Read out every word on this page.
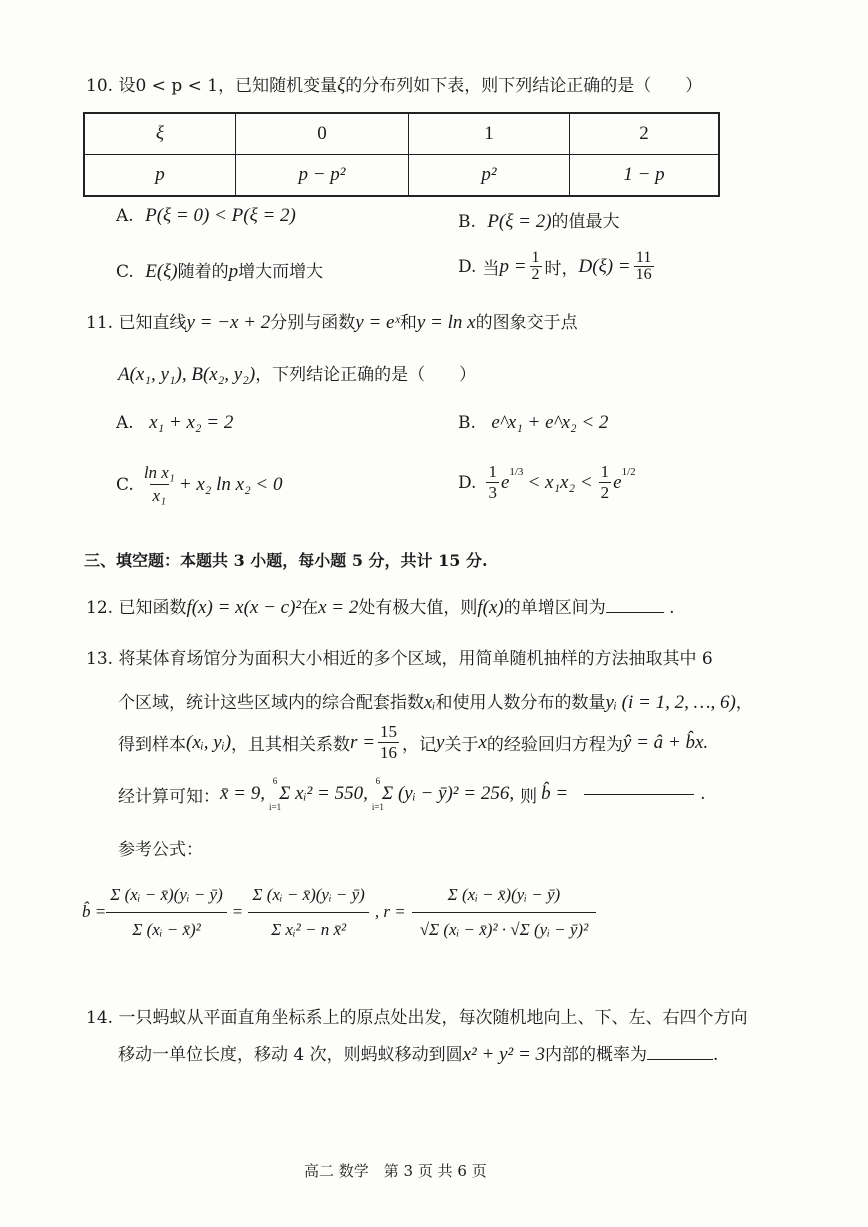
10. 设0 < p < 1，已知随机变量ξ的分布列如下表，则下列结论正确的是（　　）
ξ	0	1	2
p	p − p²	p²	1 − p
A. P(ξ = 0) < P(ξ = 2)	B. P(ξ = 2)的值最大
C. E(ξ)随着的p增大而增大	D. 当 $p = \frac{1}{2}$ 时， $D(\xi) = \frac{11}{16}$
11. 已知直线y = −x + 2分别与函数y = eˣ和y = ln x的图象交于点
A(x₁, y₁), B(x₂, y₂)，下列结论正确的是（　　）
A. x₁ + x₂ = 2	B. e^x₁ + e^x₂ < 2
C. $\frac{\text{ln x₁}}{\text{x₁}} + x_2$ ln x₂ < 0	D. $\frac{1}{3} e^{1/3} < x_1x_2 < \frac{1}{2} e^{1/2}$
三、填空题：本题共 3 小题，每小题 5 分，共计 15 分.
12. 已知函数f(x) = x(x − c)²在x = 2处有极大值，则f(x)的单增区间为	.
13. 将某体育场馆分为面积大小相近的多个区域，用简单随机抽样的方法抽取其中 6
个区域，统计这些区域内的综合配套指数xᵢ和使用人数分布的数量yᵢ (i = 1, 2, …, 6)，
得到样本 (xᵢ, yᵢ) ，且其相关系数 $r = \frac{15}{16}$ ，记 y 关于 x 的经验回归方程为 ŷ = â + b̂x.
经计算可知： x̄ = 9,
6
i=1
Σ xᵢ² = 550,
6
i=1
Σ (yᵢ − ȳ)² = 256, 则 b̂ =	.
参考公式：
b̂ = $\frac{\text{Σ (xᵢ − x̄)(yᵢ − ȳ)}}{\text{Σ (xᵢ − x̄)²}} = \frac{\text{Σ (xᵢ − x̄)(yᵢ − ȳ)}}{\text{Σ xᵢ² − n x̄²}}$ , $r = \frac{\text{Σ (xᵢ − x̄)(yᵢ − ȳ)}}{\text{√Σ (xᵢ − x̄)² · √Σ (yᵢ − ȳ)²}}$
14. 一只蚂蚁从平面直角坐标系上的原点处出发，每次随机地向上、下、左、右四个方向
移动一单位长度，移动 4 次，则蚂蚁移动到圆x² + y² = 3内部的概率为	.
高二 数学　第 3 页 共 6 页
